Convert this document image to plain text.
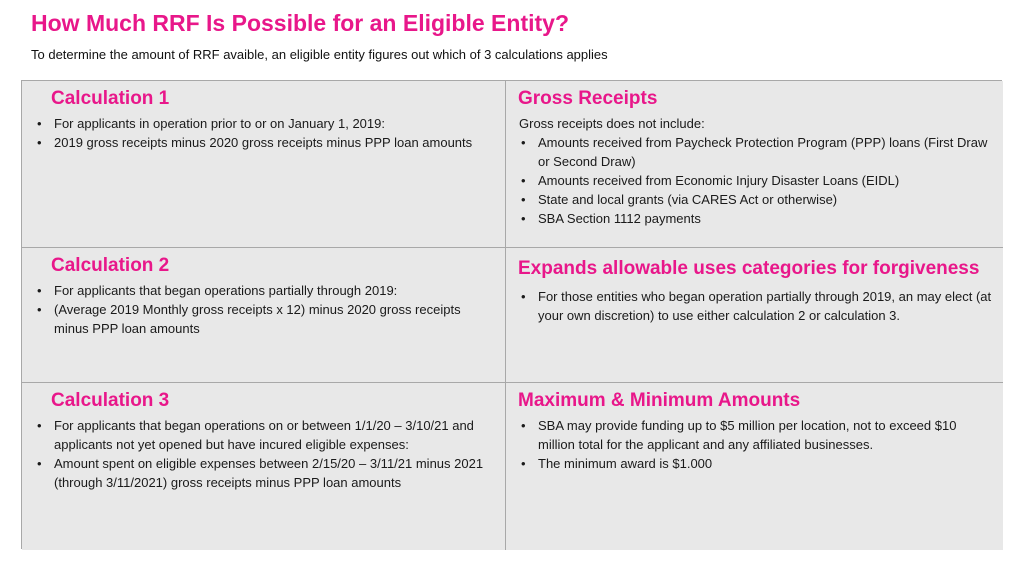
How Much RRF Is Possible for an Eligible Entity?

To determine the amount of RRF avaible, an eligible entity figures out which of 3 calculations applies

Calculation 1
• For applicants in operation prior to or on January 1, 2019:
• 2019 gross receipts minus 2020 gross receipts minus PPP loan amounts
Gross Receipts

Gross receipts does not include:

• Amounts received from Paycheck Protection Program (PPP) loans (First Draw or Second Draw)
• Amounts received from Economic Injury Disaster Loans (EIDL)
• State and local grants (via CARES Act or otherwise)
• SBA Section 1112 payments
Calculation 2
• For applicants that began operations partially through 2019:
• (Average 2019 Monthly gross receipts x 12) minus 2020 gross receipts minus PPP loan amounts
Expands allowable uses categories for forgiveness
• For those entities who began operation partially through 2019, an may elect (at your own discretion) to use either calculation 2 or calculation 3.
Calculation 3
• For applicants that began operations on or between 1/1/20 – 3/10/21 and applicants not yet opened but have incured eligible expenses:
• Amount spent on eligible expenses between 2/15/20 – 3/11/21 minus 2021 (through 3/11/2021) gross receipts minus PPP loan amounts
Maximum & Minimum Amounts
• SBA may provide funding up to $5 million per location, not to exceed $10 million total for the applicant and any affiliated businesses.
• The minimum award is $1.000
